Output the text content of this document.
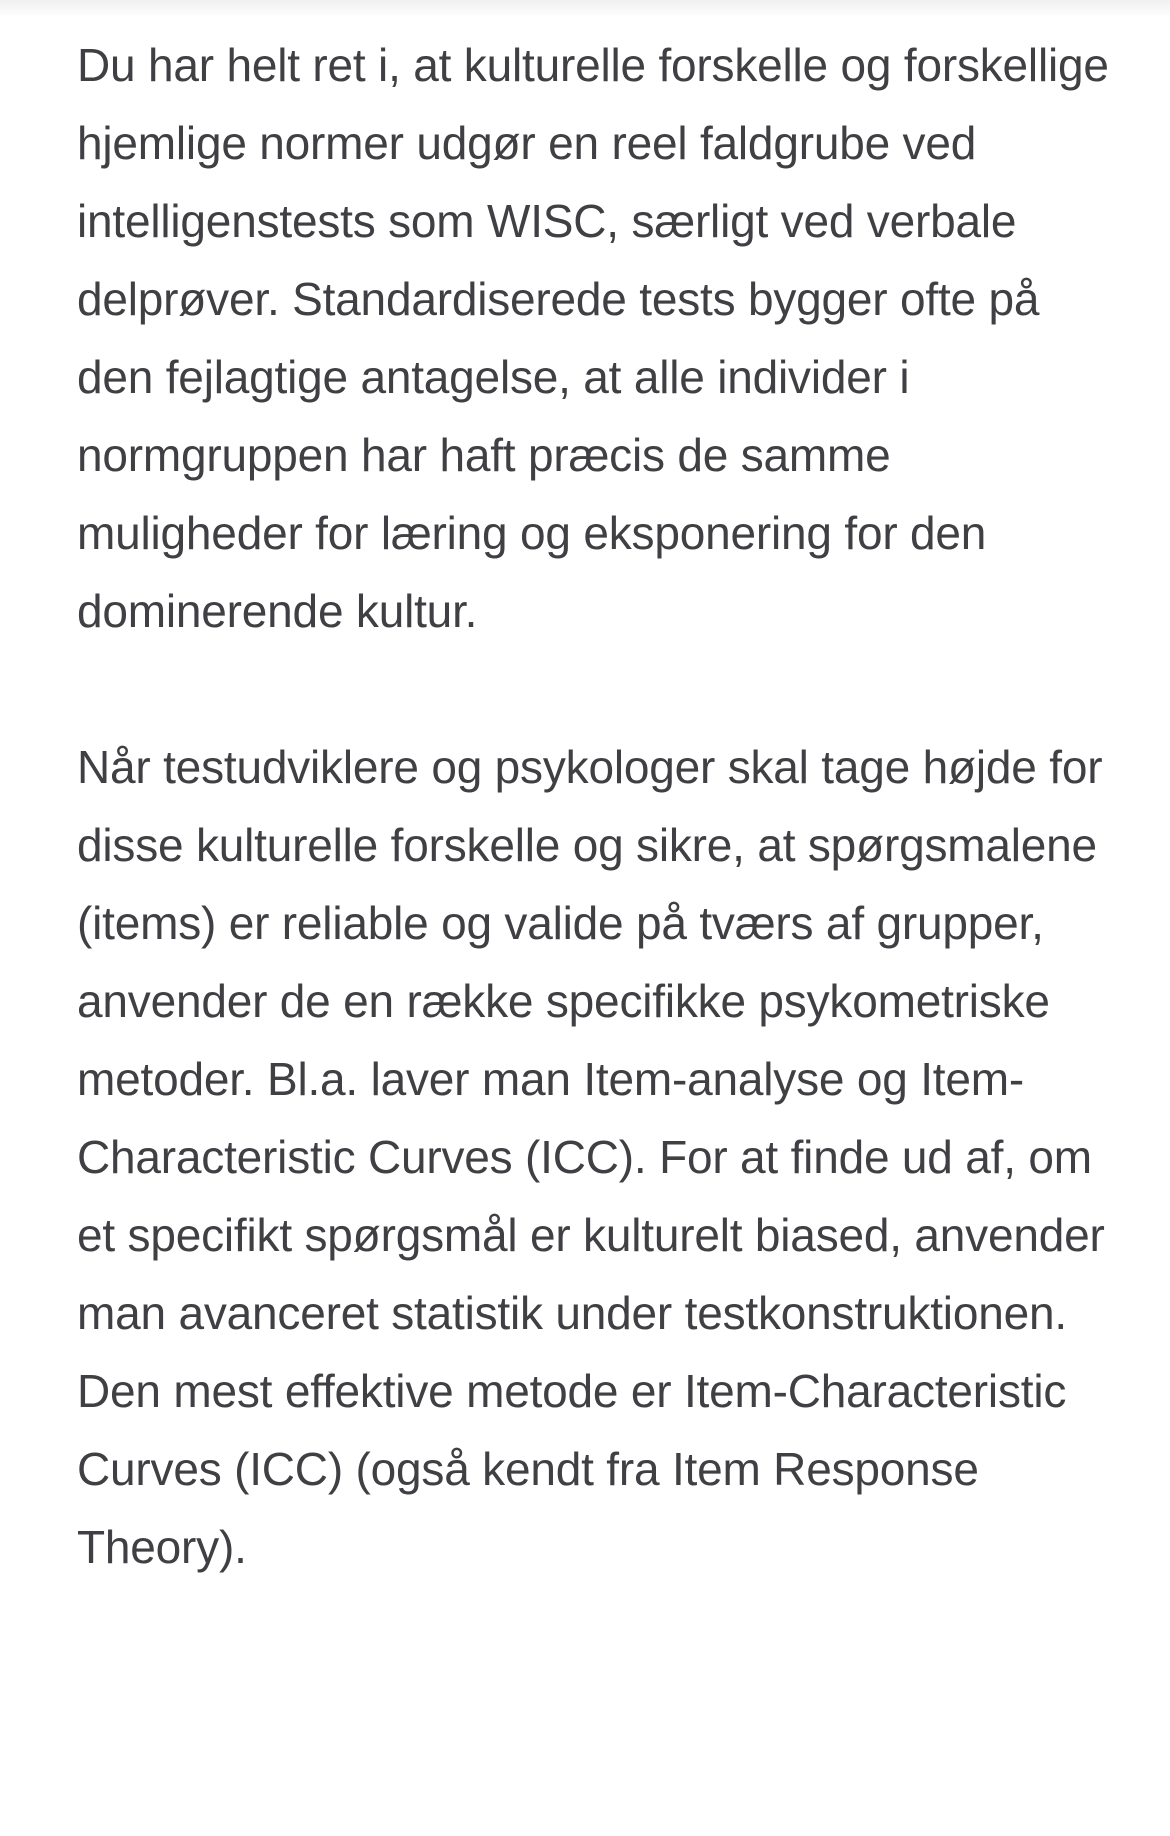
Du har helt ret i, at kulturelle forskelle og forskellige hjemlige normer udgør en reel faldgrube ved intelligenstests som WISC, særligt ved verbale delprøver. Standardiserede tests bygger ofte på den fejlagtige antagelse, at alle individer i normgruppen har haft præcis de samme muligheder for læring og eksponering for den dominerende kultur.

Når testudviklere og psykologer skal tage højde for disse kulturelle forskelle og sikre, at spørgsmalene (items) er reliable og valide på tværs af grupper, anvender de en række specifikke psykometriske metoder. Bl.a. laver man Item-analyse og Item-Characteristic Curves (ICC). For at finde ud af, om et specifikt spørgsmål er kulturelt biased, anvender man avanceret statistik under testkonstruktionen. Den mest effektive metode er Item-Characteristic Curves (ICC) (også kendt fra Item Response Theory).
